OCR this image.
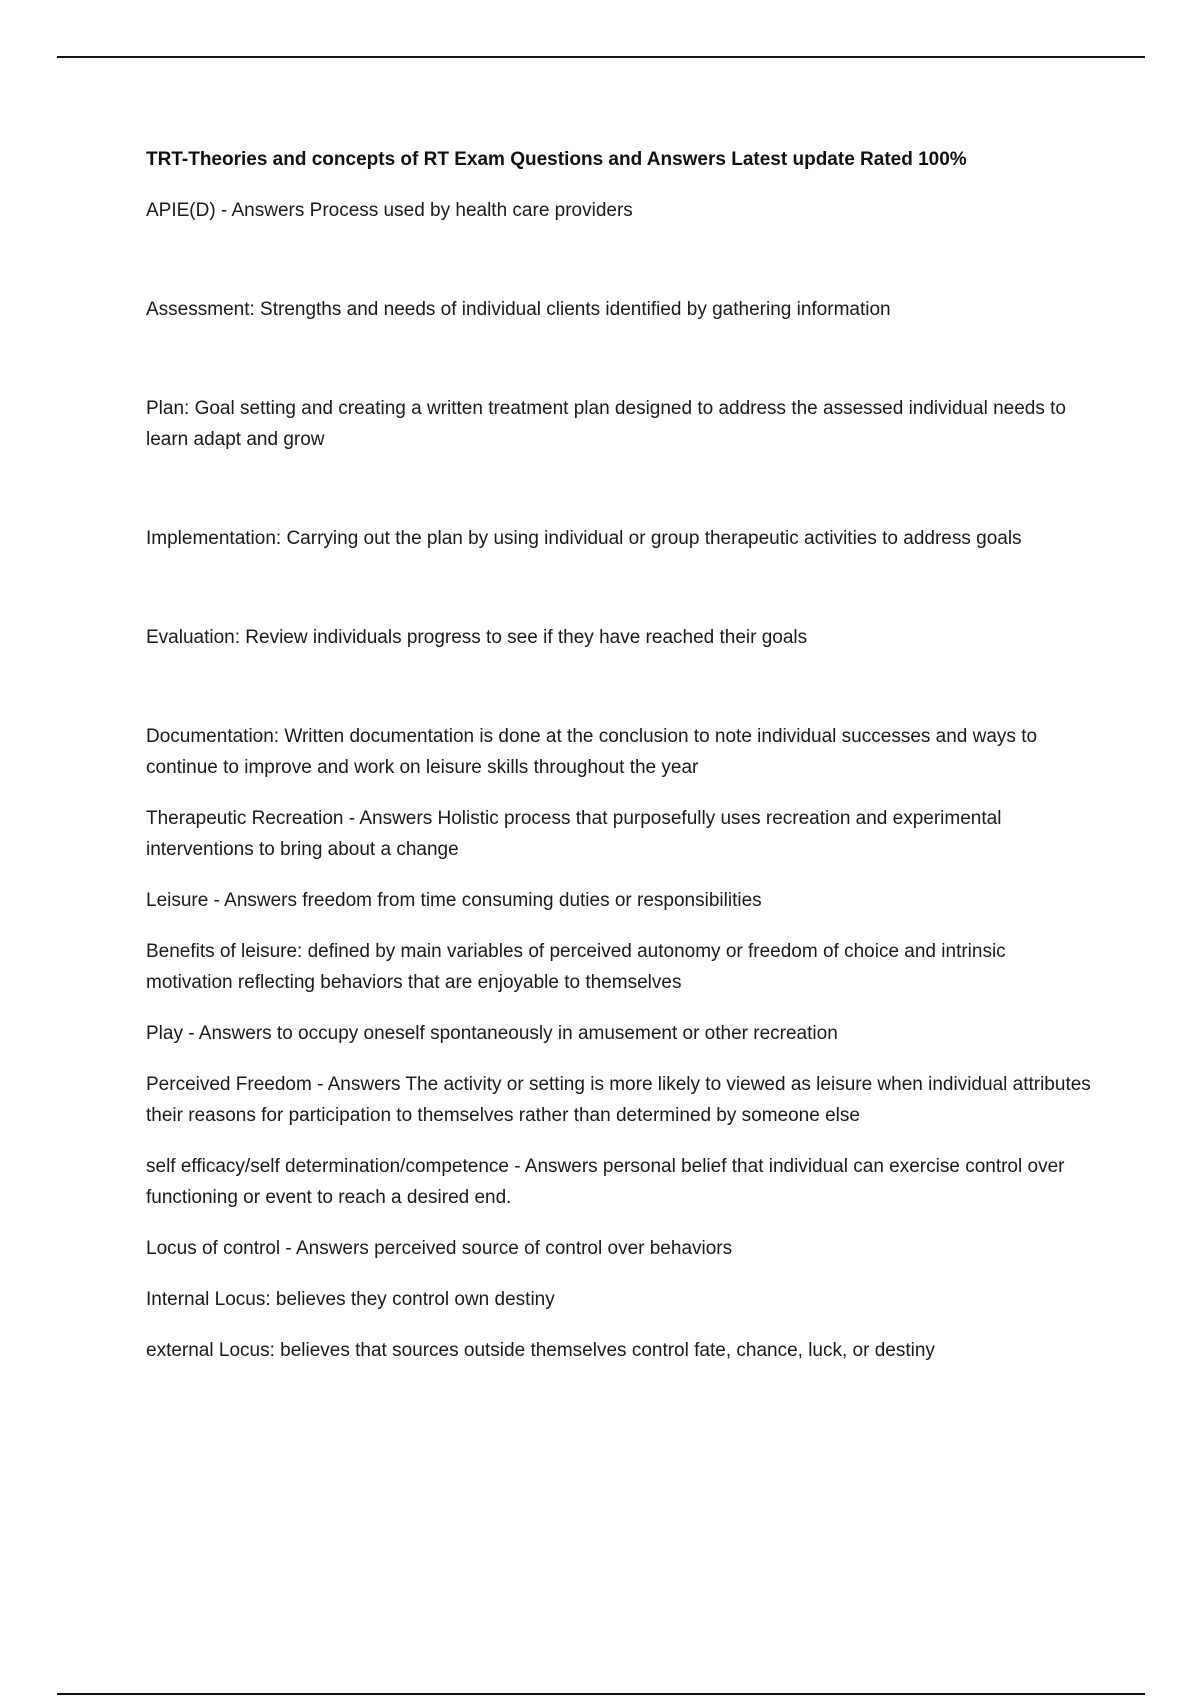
TRT-Theories and concepts of RT Exam Questions and Answers Latest update Rated 100%

APIE(D) - Answers Process used by health care providers

Assessment: Strengths and needs of individual clients identified by gathering information

Plan: Goal setting and creating a written treatment plan designed to address the assessed individual needs to learn adapt and grow

Implementation: Carrying out the plan by using individual or group therapeutic activities to address goals

Evaluation: Review individuals progress to see if they have reached their goals

Documentation: Written documentation is done at the conclusion to note individual successes and ways to continue to improve and work on leisure skills throughout the year

Therapeutic Recreation - Answers Holistic process that purposefully uses recreation and experimental interventions to bring about a change

Leisure - Answers freedom from time consuming duties or responsibilities

Benefits of leisure: defined by main variables of perceived autonomy or freedom of choice and intrinsic motivation reflecting behaviors that are enjoyable to themselves

Play - Answers to occupy oneself spontaneously in amusement or other recreation

Perceived Freedom - Answers The activity or setting is more likely to viewed as leisure when individual attributes their reasons for participation to themselves rather than determined by someone else

self efficacy/self determination/competence - Answers personal belief that individual can exercise control over functioning or event to reach a desired end.

Locus of control - Answers perceived source of control over behaviors

Internal Locus: believes they control own destiny

external Locus: believes that sources outside themselves control fate, chance, luck, or destiny
